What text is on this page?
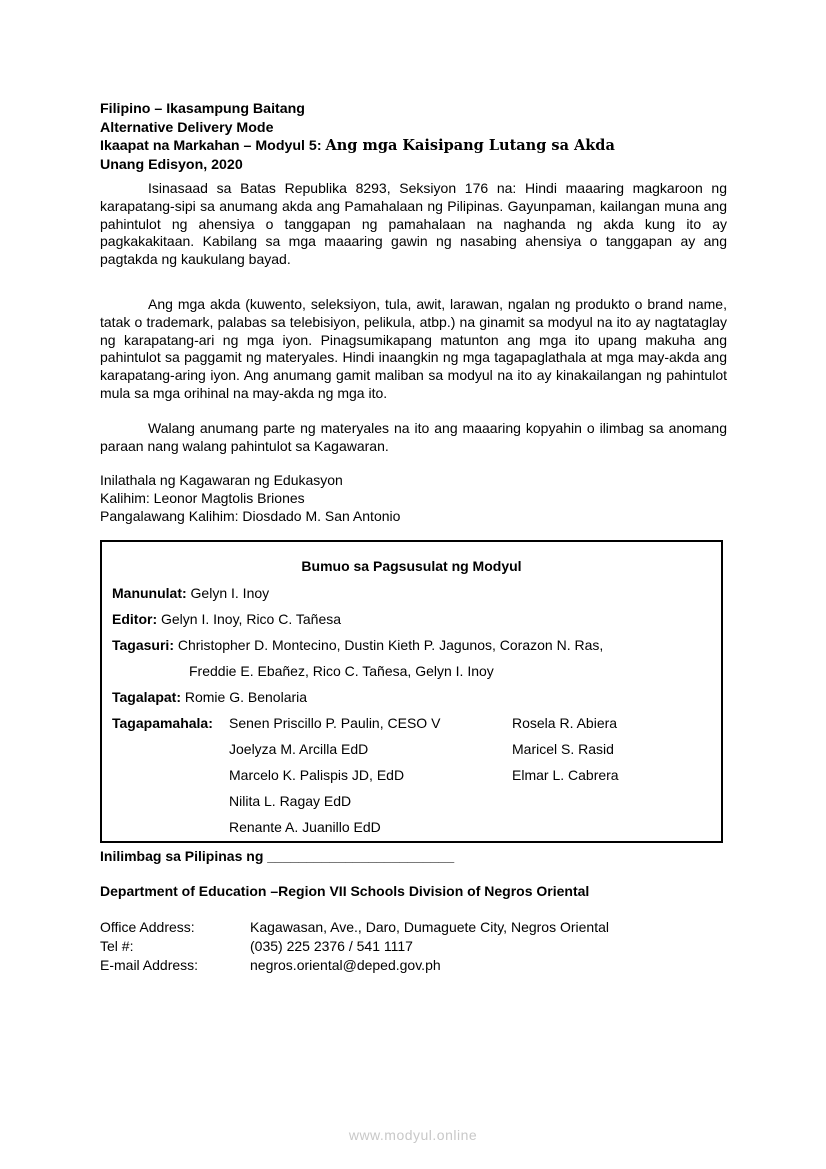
Filipino – Ikasampung Baitang
Alternative Delivery Mode
Ikaapat na Markahan – Modyul 5: Ang mga Kaisipang Lutang sa Akda
Unang Edisyon, 2020

Isinasaad sa Batas Republika 8293, Seksiyon 176 na: Hindi maaaring magkaroon ng karapatang-sipi sa anumang akda ang Pamahalaan ng Pilipinas. Gayunpaman, kailangan muna ang pahintulot ng ahensiya o tanggapan ng pamahalaan na naghanda ng akda kung ito ay pagkakakitaan. Kabilang sa mga maaaring gawin ng nasabing ahensiya o tanggapan ay ang pagtakda ng kaukulang bayad.

Ang mga akda (kuwento, seleksiyon, tula, awit, larawan, ngalan ng produkto o brand name, tatak o trademark, palabas sa telebisiyon, pelikula, atbp.) na ginamit sa modyul na ito ay nagtataglay ng karapatang-ari ng mga iyon. Pinagsumikapang matunton ang mga ito upang makuha ang pahintulot sa paggamit ng materyales. Hindi inaangkin ng mga tagapaglathala at mga may-akda ang karapatang-aring iyon. Ang anumang gamit maliban sa modyul na ito ay kinakailangan ng pahintulot mula sa mga orihinal na may-akda ng mga ito.

Walang anumang parte ng materyales na ito ang maaaring kopyahin o ilimbag sa anomang paraan nang walang pahintulot sa Kagawaran.

Inilathala ng Kagawaran ng Edukasyon
Kalihim: Leonor Magtolis Briones
Pangalawang Kalihim: Diosdado M. San Antonio
Bumuo sa Pagsusulat ng Modyul
Manunulat: Gelyn I. Inoy
Editor: Gelyn I. Inoy, Rico C. Tañesa
Tagasuri: Christopher D. Montecino, Dustin Kieth P. Jagunos, Corazon N. Ras,
Freddie E. Ebañez, Rico C. Tañesa, Gelyn I. Inoy
Tagalapat: Romie G. Benolaria
Tagapamahala: Senen Priscillo P. Paulin, CESO V	Rosela R. Abiera
Joelyza M. Arcilla EdD	Maricel S. Rasid
Marcelo K. Palispis JD, EdD	Elmar L. Cabrera
Nilita L. Ragay EdD
Renante A. Juanillo EdD
Inilimbag sa Pilipinas ng ________________________
Department of Education –Region VII Schools Division of Negros Oriental
Office Address:	Kagawasan, Ave., Daro, Dumaguete City, Negros Oriental
Tel #:	(035) 225 2376 / 541 1117
E-mail Address:	negros.oriental@deped.gov.ph
www.modyul.online
